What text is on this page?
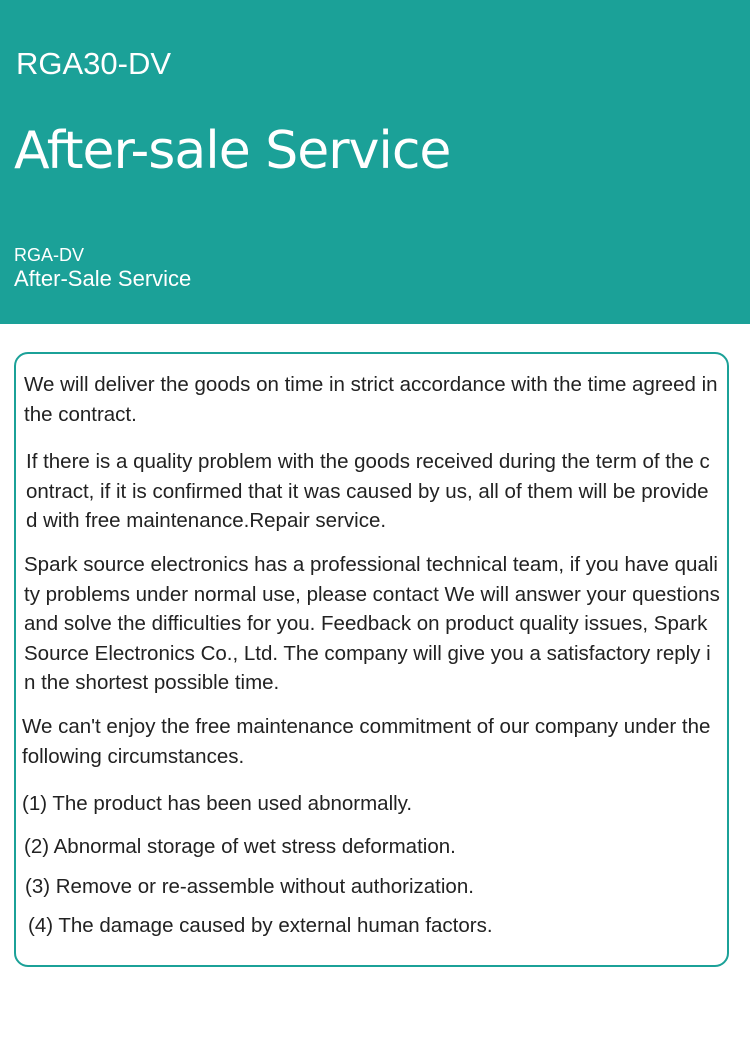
RGA30-DV
After-sale Service
RGA-DV
After-Sale Service

We will deliver the goods on time in strict accordance with the time agreed in the contract.

If there is a quality problem with the goods received during the term of the contract, if it is confirmed that it was caused by us, all of them will be provided with free maintenance.Repair service.

Spark source electronics has a professional technical team, if you have quality problems under normal use, please contact We will answer your questions and solve the difficulties for you. Feedback on product quality issues, Spark Source Electronics Co., Ltd. The company will give you a satisfactory reply in the shortest possible time.

We can't enjoy the free maintenance commitment of our company under the following circumstances.

(1) The product has been used abnormally.

(2) Abnormal storage of wet stress deformation.

(3) Remove or re-assemble without authorization.

(4) The damage caused by external human factors.
